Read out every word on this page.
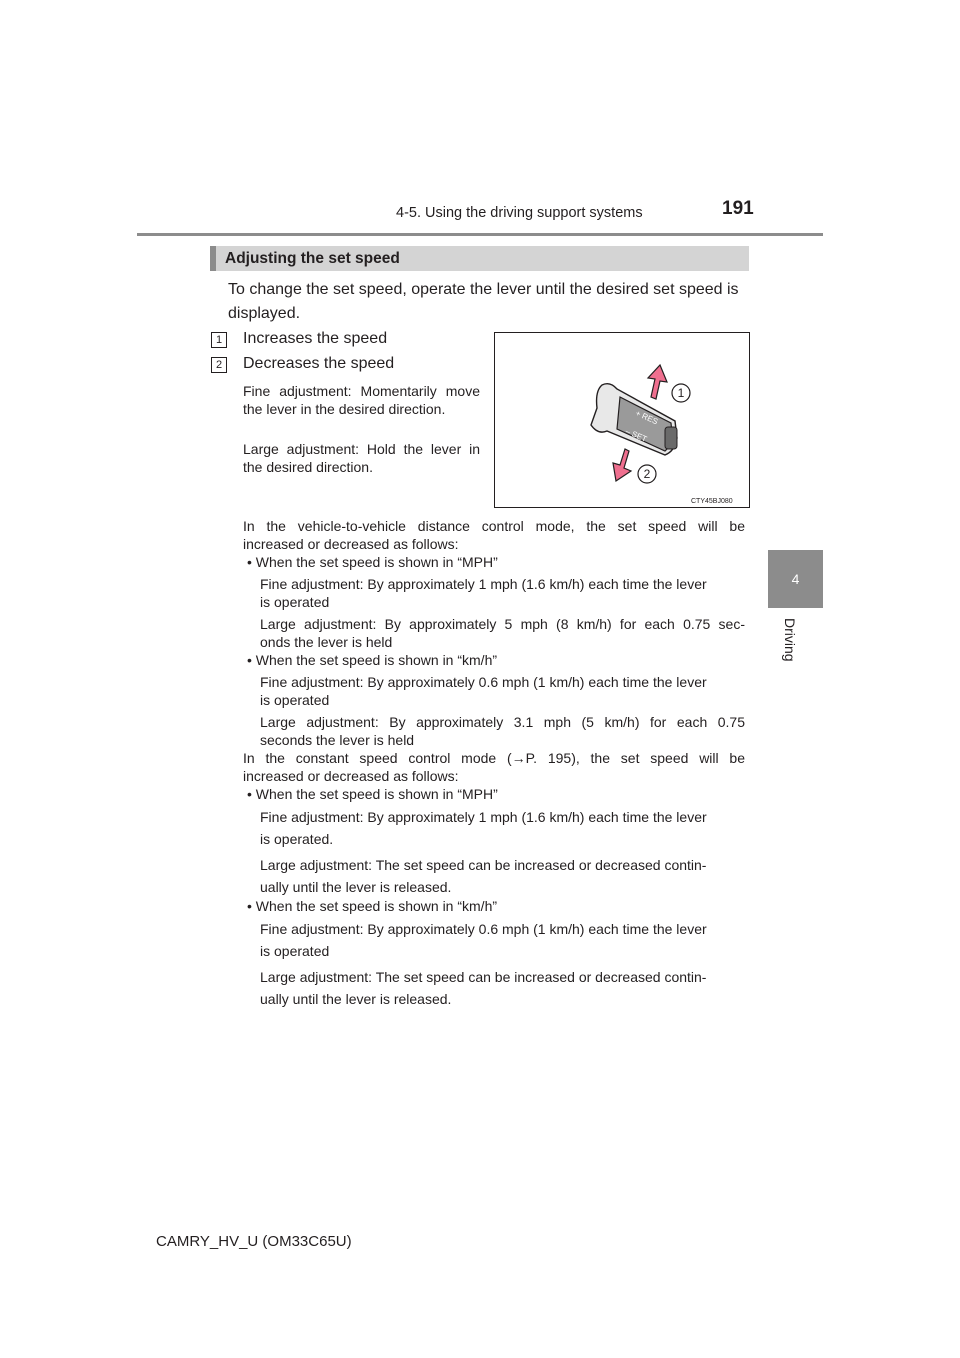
4-5. Using the driving support systems	191
4
Driving
Adjusting the set speed
To change the set speed, operate the lever until the desired set speed is displayed.
1	Increases the speed
2	Decreases the speed
Fine adjustment: Momentarily move the lever in the desired direction.
Large adjustment: Hold the lever in the desired direction.
+ RES
– SET
1
2
CTY45BJ080
In the vehicle-to-vehicle distance control mode, the set speed will be
increased or decreased as follows:
• When the set speed is shown in “MPH”
Fine adjustment: By approximately 1 mph (1.6 km/h) each time the lever
is operated
Large adjustment: By approximately 5 mph (8 km/h) for each 0.75 sec-
onds the lever is held
• When the set speed is shown in “km/h”
Fine adjustment: By approximately 0.6 mph (1 km/h) each time the lever
is operated
Large adjustment: By approximately 3.1 mph (5 km/h) for each 0.75
seconds the lever is held
In the constant speed control mode (→P. 195), the set speed will be
increased or decreased as follows:
• When the set speed is shown in “MPH”
Fine adjustment: By approximately 1 mph (1.6 km/h) each time the lever
is operated.
Large adjustment: The set speed can be increased or decreased contin-
ually until the lever is released.
• When the set speed is shown in “km/h”
Fine adjustment: By approximately 0.6 mph (1 km/h) each time the lever
is operated
Large adjustment: The set speed can be increased or decreased contin-
ually until the lever is released.
CAMRY_HV_U (OM33C65U)
